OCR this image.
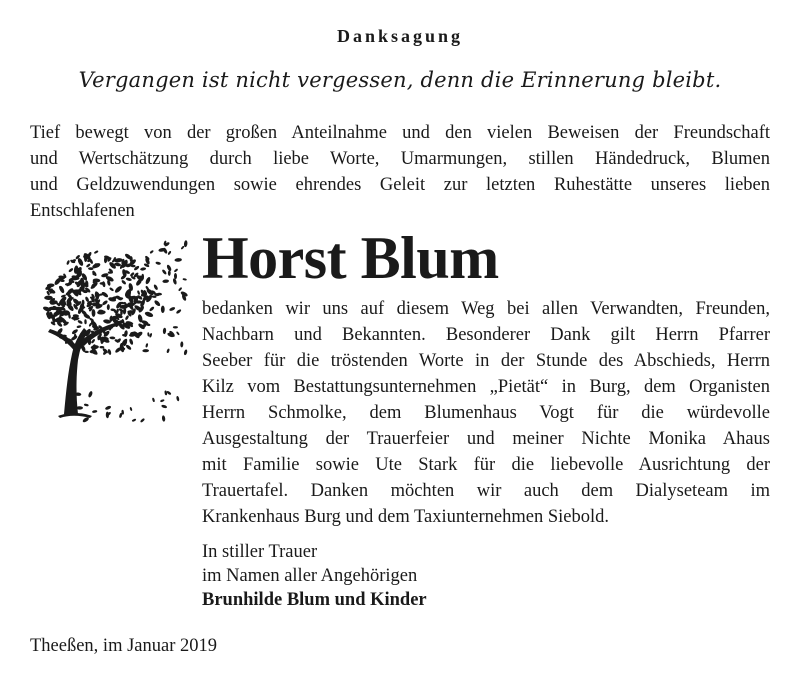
Danksagung
Vergangen ist nicht vergessen, denn die Erinnerung bleibt.
Tief bewegt von der großen Anteilnahme und den vielen Beweisen der Freundschaft
und Wertschätzung durch liebe Worte, Umarmungen, stillen Händedruck, Blumen
und Geldzuwendungen sowie ehrendes Geleit zur letzten Ruhestätte unseres lieben
Entschlafenen
Horst Blum
bedanken wir uns auf diesem Weg bei allen Verwandten, Freunden,
Nachbarn und Bekannten. Besonderer Dank gilt Herrn Pfarrer
Seeber für die tröstenden Worte in der Stunde des Abschieds, Herrn
Kilz vom Bestattungsunternehmen „Pietät“ in Burg, dem Organisten
Herrn Schmolke, dem Blumenhaus Vogt für die würdevolle
Ausgestaltung der Trauerfeier und meiner Nichte Monika Ahaus
mit Familie sowie Ute Stark für die liebevolle Ausrichtung der
Trauertafel. Danken möchten wir auch dem Dialyseteam im
Krankenhaus Burg und dem Taxiunternehmen Siebold.
In stiller Trauer
im Namen aller Angehörigen
Brunhilde Blum und Kinder
Theeßen, im Januar 2019
